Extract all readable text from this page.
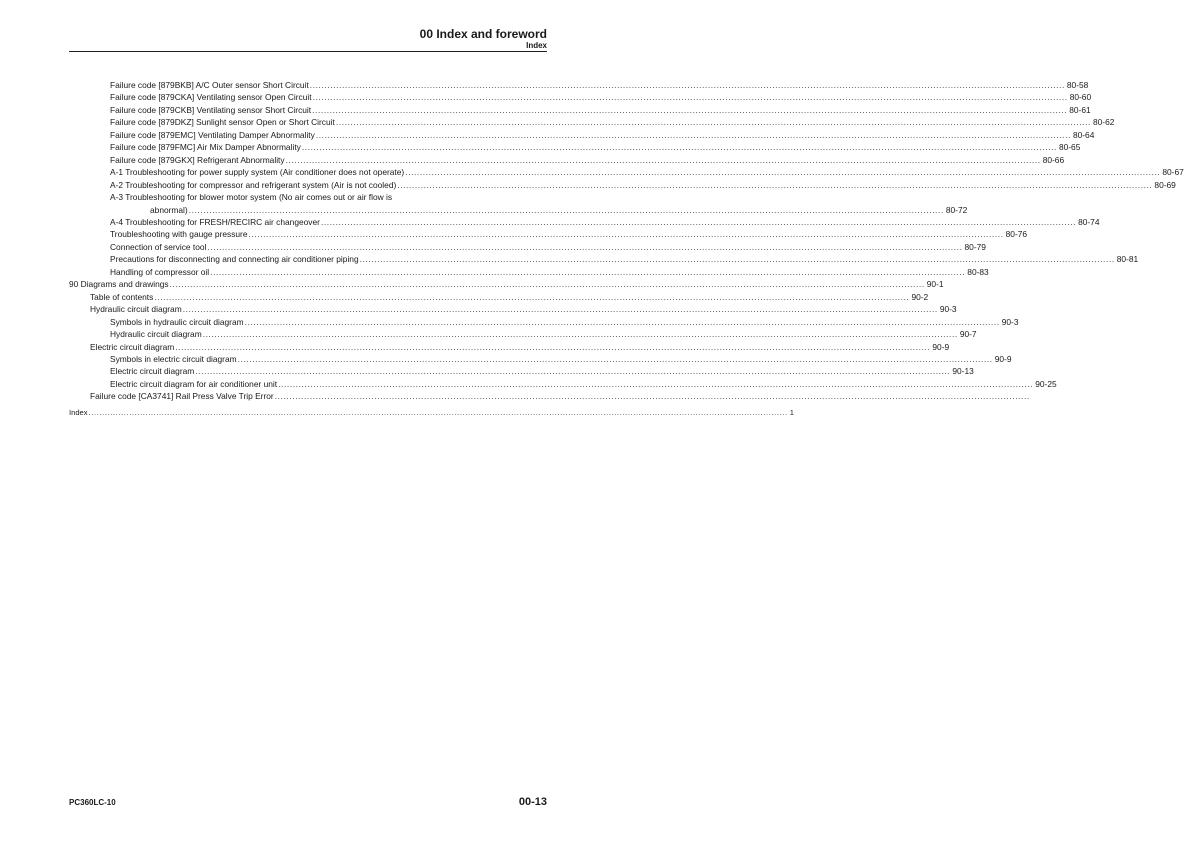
00 Index and foreword
Index
Failure code [879BKB] A/C Outer sensor Short Circuit .....	80-58
Failure code [879CKA] Ventilating sensor Open Circuit .....	80-60
Failure code [879CKB] Ventilating sensor Short Circuit .....	80-61
Failure code [879DKZ] Sunlight sensor Open or Short Circuit .....	80-62
Failure code [879EMC] Ventilating Damper Abnormality .....	80-64
Failure code [879FMC] Air Mix Damper Abnormality .....	80-65
Failure code [879GKX] Refrigerant Abnormality .....	80-66
A-1 Troubleshooting for power supply system (Air conditioner does not operate) .....	80-67
A-2 Troubleshooting for compressor and refrigerant system (Air is not cooled) .....	80-69
A-3 Troubleshooting for blower motor system (No air comes out or air flow is
abnormal) .....	80-72
A-4 Troubleshooting for FRESH/RECIRC air changeover .....	80-74
Troubleshooting with gauge pressure .....	80-76
Connection of service tool .....	80-79
Precautions for disconnecting and connecting air conditioner piping .....	80-81
Handling of compressor oil .....	80-83
90 Diagrams and drawings .....	90-1
Table of contents .....	90-2
Hydraulic circuit diagram .....	90-3
Symbols in hydraulic circuit diagram .....	90-3
Hydraulic circuit diagram .....	90-7
Electric circuit diagram .....	90-9
Symbols in electric circuit diagram .....	90-9
Electric circuit diagram .....	90-13
Electric circuit diagram for air conditioner unit .....	90-25
Failure code [CA3741] Rail Press Valve Trip Error
.....
Index .....	1
PC360LC-10	00-13
